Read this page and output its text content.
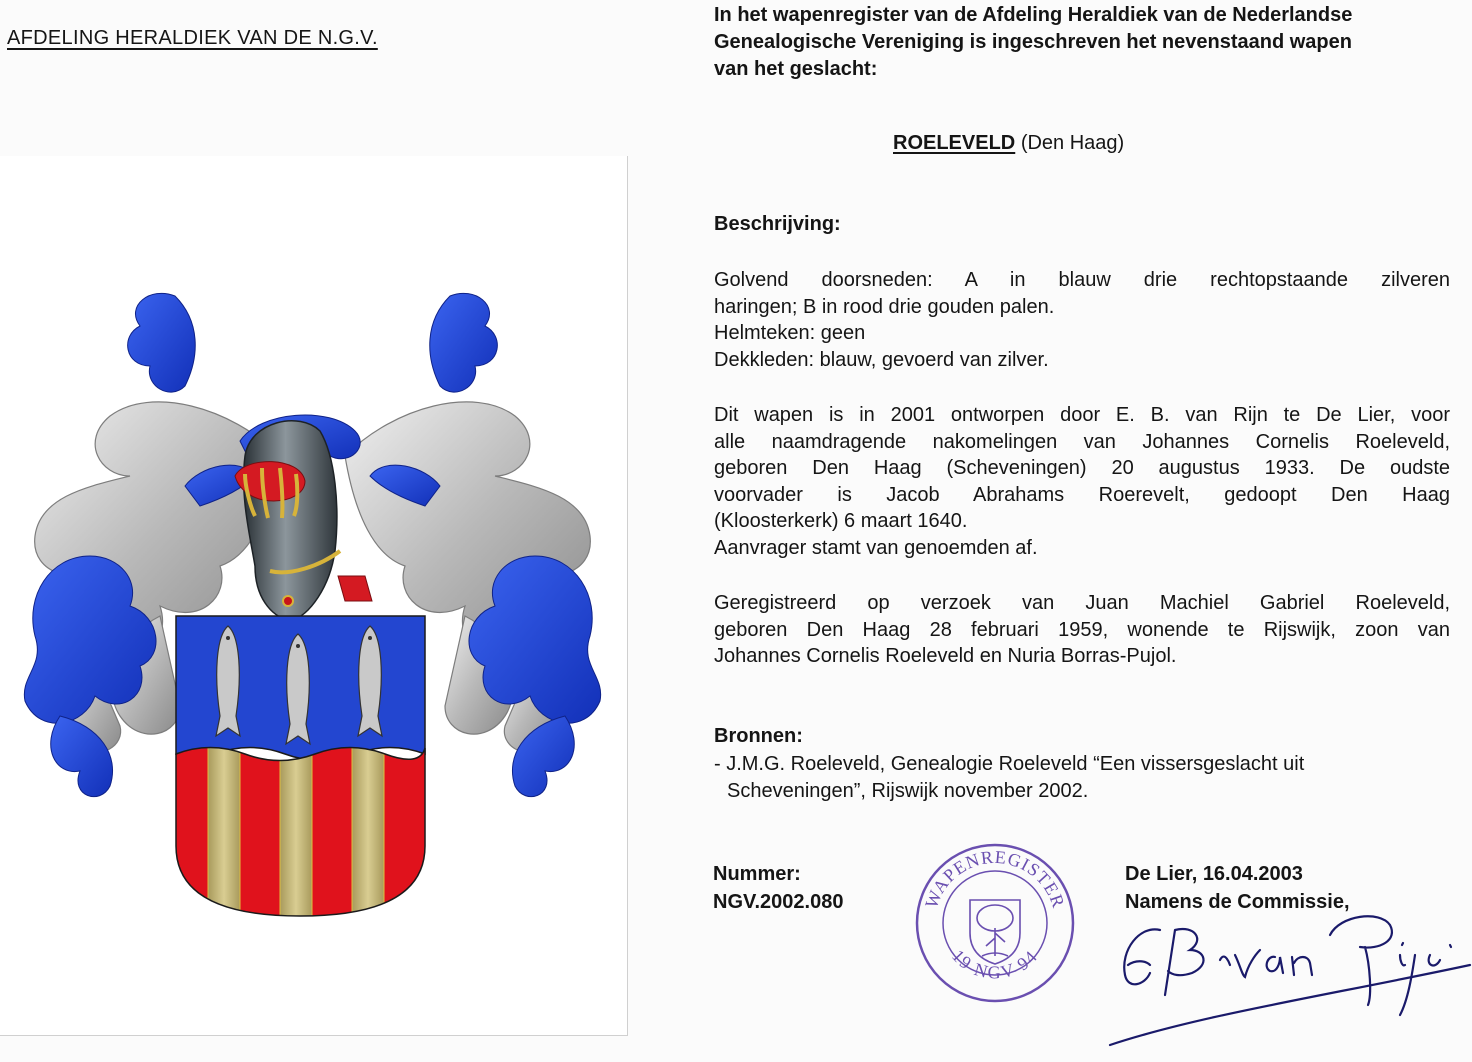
AFDELING HERALDIEK VAN DE N.G.V.
In het wapenregister van de Afdeling Heraldiek van de Nederlandse
Genealogische Vereniging is ingeschreven het nevenstaand wapen
van het geslacht:
ROELEVELD (Den Haag)
Beschrijving:
Golvend doorsneden: A in blauw drie rechtopstaande zilveren
haringen; B in rood drie gouden palen.
Helmteken: geen
Dekkleden: blauw, gevoerd van zilver.
Dit wapen is in 2001 ontworpen door E. B. van Rijn te De Lier, voor
alle naamdragende nakomelingen van Johannes Cornelis Roeleveld,
geboren Den Haag (Scheveningen) 20 augustus 1933. De oudste
voorvader is Jacob Abrahams Roerevelt, gedoopt Den Haag
(Kloosterkerk) 6 maart 1640.
Aanvrager stamt van genoemden af.
Geregistreerd op verzoek van Juan Machiel Gabriel Roeleveld,
geboren Den Haag 28 februari 1959, wonende te Rijswijk, zoon van
Johannes Cornelis Roeleveld en Nuria Borras-Pujol.
Bronnen:
- J.M.G. Roeleveld, Genealogie Roeleveld “Een vissersgeslacht uit
Scheveningen”, Rijswijk november 2002.
Nummer:
NGV.2002.080
De Lier, 16.04.2003
Namens de Commissie,
WAPENREGISTER
19 NGV 94
